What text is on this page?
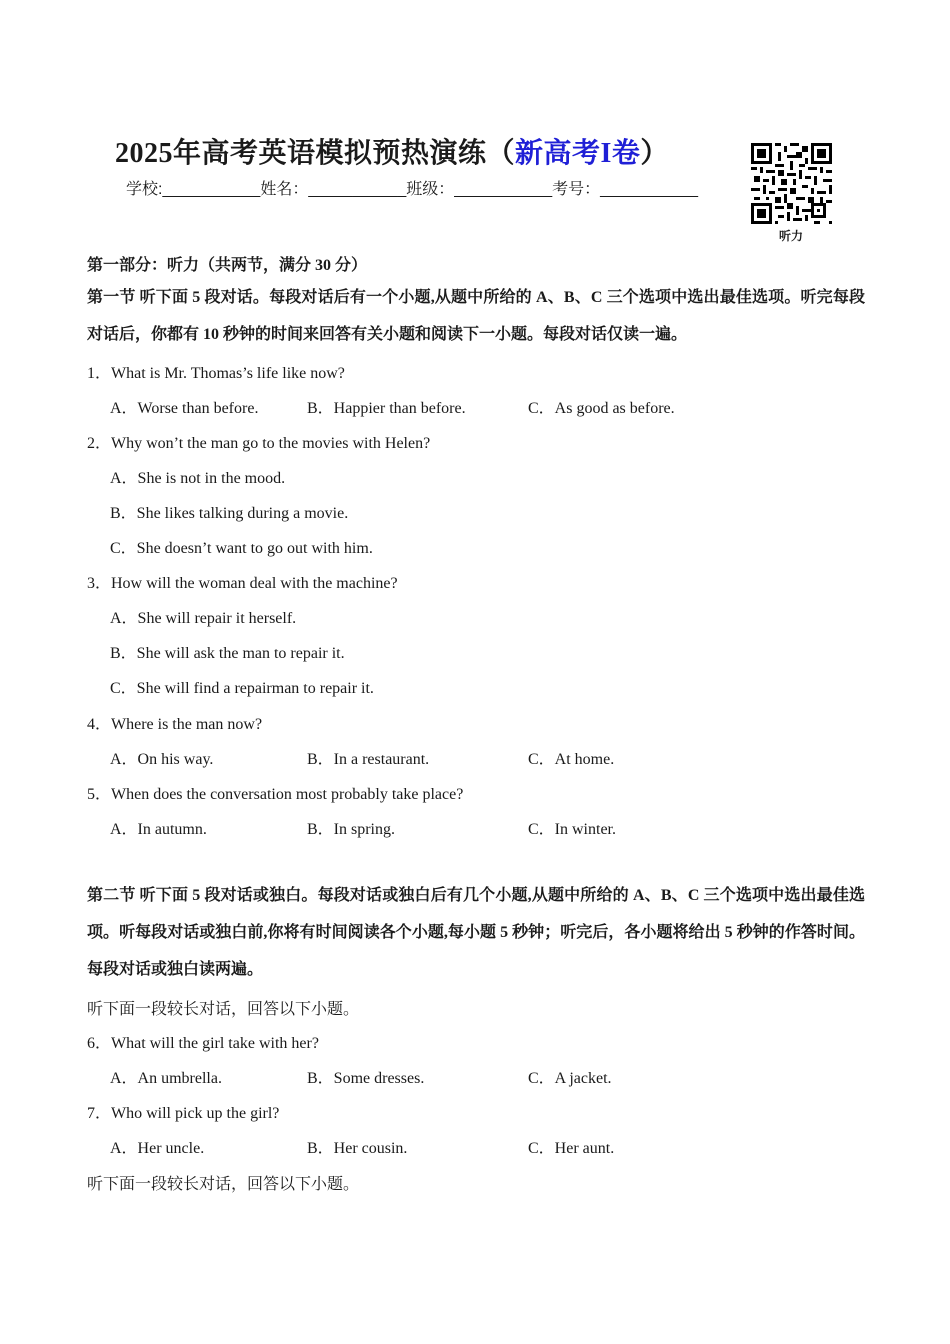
2025年高考英语模拟预热演练（新高考I卷）
学校:___________姓名：___________班级：___________考号：___________
听力
第一部分：听力（共两节，满分 30 分）
第一节 听下面 5 段对话。每段对话后有一个小题,从题中所给的 A、B、C 三个选项中选出最佳选项。听完每段对话后，你都有 10 秒钟的时间来回答有关小题和阅读下一小题。每段对话仅读一遍。
1．What is Mr. Thomas’s life like now?
A．Worse than before.	B．Happier than before.	C．As good as before.
2．Why won’t the man go to the movies with Helen?
A．She is not in the mood.
B．She likes talking during a movie.
C．She doesn’t want to go out with him.
3．How will the woman deal with the machine?
A．She will repair it herself.
B．She will ask the man to repair it.
C．She will find a repairman to repair it.
4．Where is the man now?
A．On his way.	B．In a restaurant.	C．At home.
5．When does the conversation most probably take place?
A．In autumn.	B．In spring.	C．In winter.
第二节 听下面 5 段对话或独白。每段对话或独白后有几个小题,从题中所给的 A、B、C 三个选项中选出最佳选项。听每段对话或独白前,你将有时间阅读各个小题,每小题 5 秒钟；听完后，各小题将给出 5 秒钟的作答时间。每段对话或独白读两遍。
听下面一段较长对话，回答以下小题。
6．What will the girl take with her?
A．An umbrella.	B．Some dresses.	C．A jacket.
7．Who will pick up the girl?
A．Her uncle.	B．Her cousin.	C．Her aunt.
听下面一段较长对话，回答以下小题。
